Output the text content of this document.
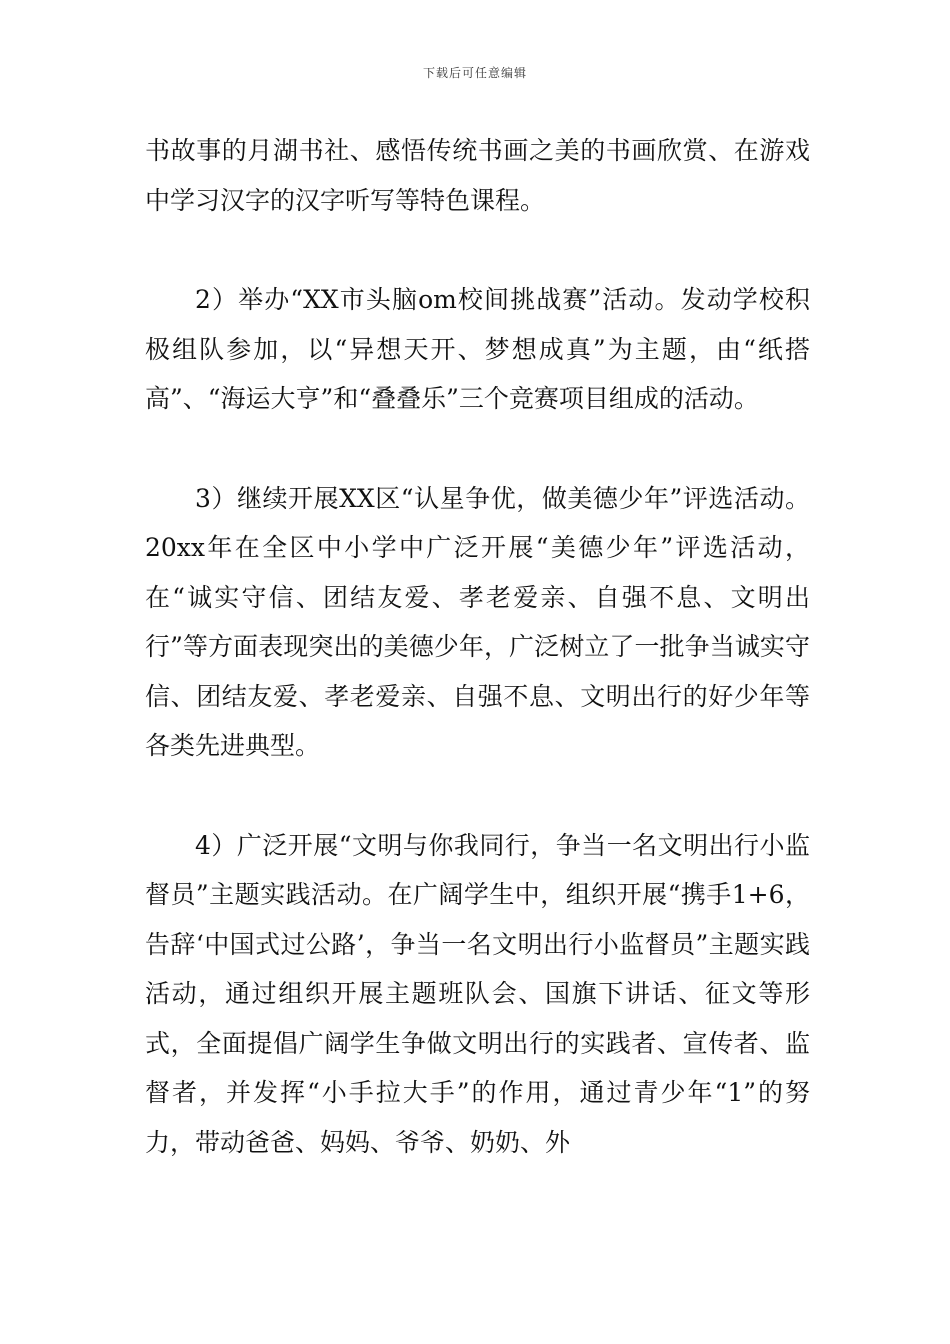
下载后可任意编辑

书故事的月湖书社、感悟传统书画之美的书画欣赏、在游戏中学习汉字的汉字听写等特色课程。

2）举办“XX市头脑om校间挑战赛”活动。发动学校积极组队参加，以“异想天开、梦想成真”为主题，由“纸搭高”、“海运大亨”和“叠叠乐”三个竞赛项目组成的活动。

3）继续开展XX区“认星争优，做美德少年”评选活动。20xx年在全区中小学中广泛开展“美德少年”评选活动，在“诚实守信、团结友爱、孝老爱亲、自强不息、文明出行”等方面表现突出的美德少年，广泛树立了一批争当诚实守信、团结友爱、孝老爱亲、自强不息、文明出行的好少年等各类先进典型。

4）广泛开展“文明与你我同行，争当一名文明出行小监督员”主题实践活动。在广阔学生中，组织开展“携手1+6，告辞‘中国式过公路’，争当一名文明出行小监督员”主题实践活动，通过组织开展主题班队会、国旗下讲话、征文等形式，全面提倡广阔学生争做文明出行的实践者、宣传者、监督者，并发挥“小手拉大手”的作用，通过青少年“1”的努力，带动爸爸、妈妈、爷爷、奶奶、外
